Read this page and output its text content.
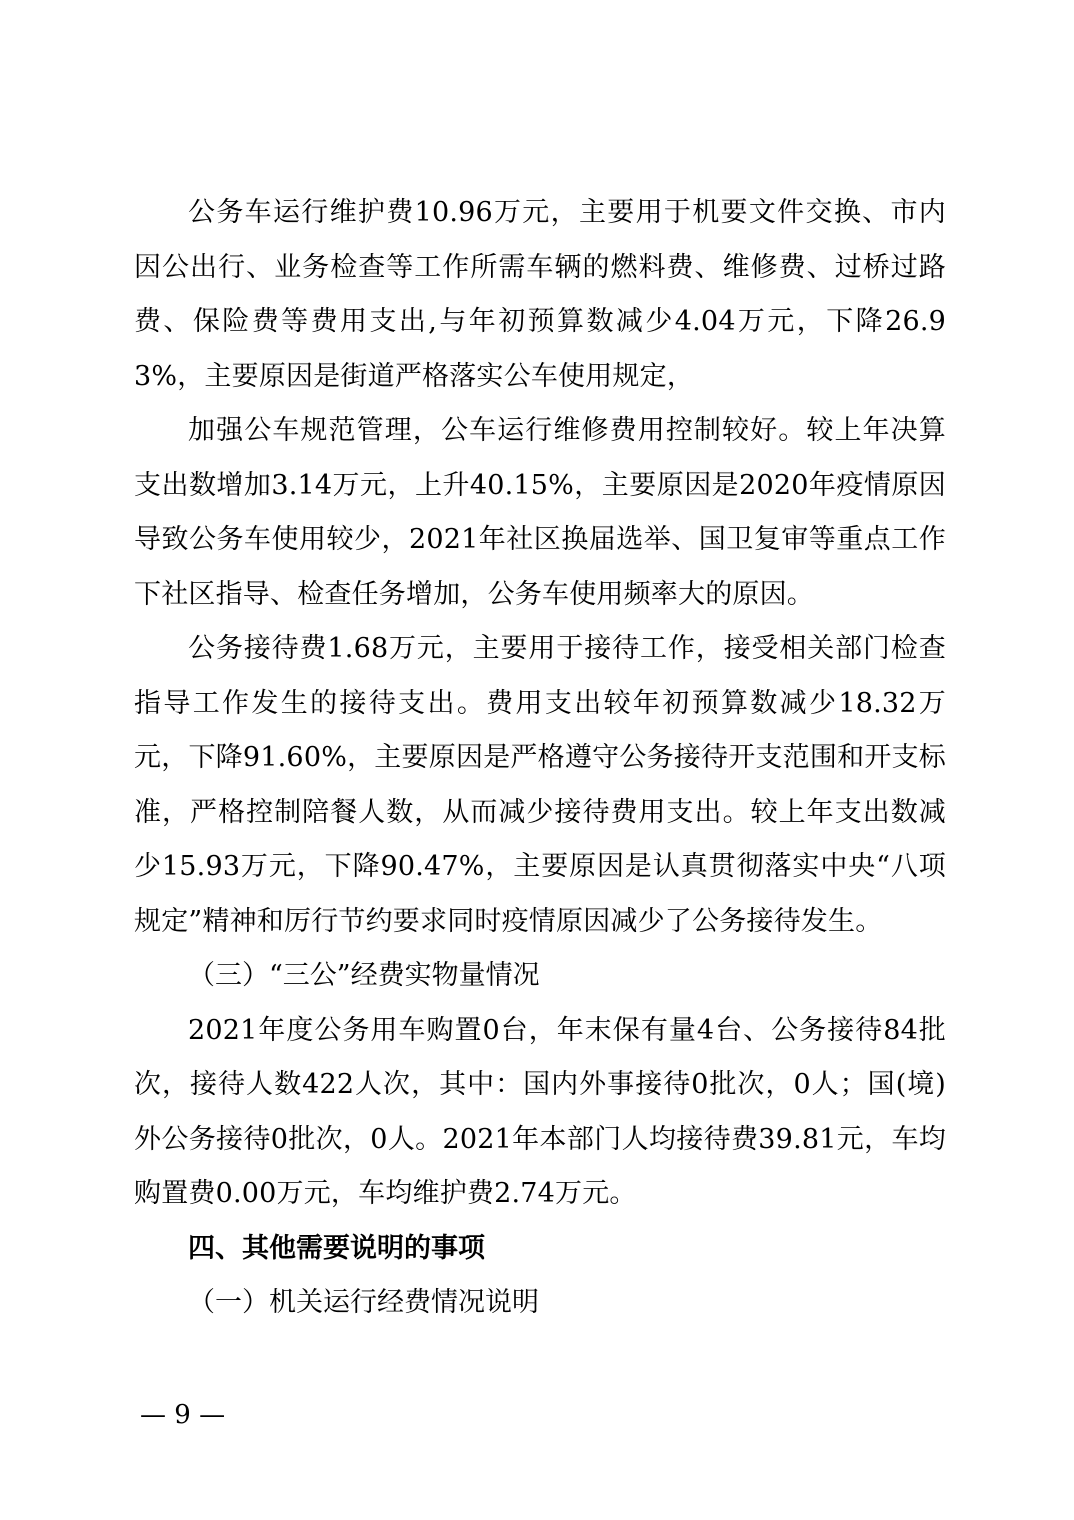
公务车运行维护费10.96万元，主要用于机要文件交换、市内因公出行、业务检查等工作所需车辆的燃料费、维修费、过桥过路费、保险费等费用支出,与年初预算数减少4.04万元，下降26.93%，主要原因是街道严格落实公车使用规定，

加强公车规范管理，公车运行维修费用控制较好。较上年决算支出数增加3.14万元，上升40.15%，主要原因是2020年疫情原因导致公务车使用较少，2021年社区换届选举、国卫复审等重点工作下社区指导、检查任务增加，公务车使用频率大的原因。

公务接待费1.68万元，主要用于接待工作，接受相关部门检查指导工作发生的接待支出。费用支出较年初预算数减少18.32万元，下降91.60%，主要原因是严格遵守公务接待开支范围和开支标准，严格控制陪餐人数，从而减少接待费用支出。较上年支出数减少15.93万元，下降90.47%，主要原因是认真贯彻落实中央“八项规定”精神和厉行节约要求同时疫情原因减少了公务接待发生。

（三）“三公”经费实物量情况

2021年度公务用车购置0台，年末保有量4台、公务接待84批次，接待人数422人次，其中：国内外事接待0批次，0人；国(境)外公务接待0批次，0人。2021年本部门人均接待费39.81元，车均购置费0.00万元，车均维护费2.74万元。

四、其他需要说明的事项

（一）机关运行经费情况说明

— 9 —
